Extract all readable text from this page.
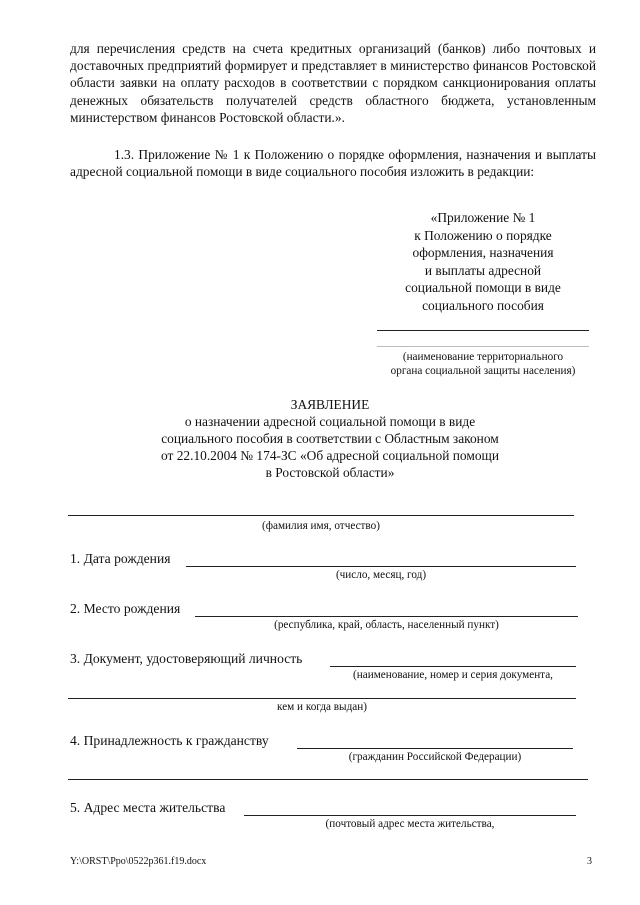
для перечисления средств на счета кредитных организаций (банков) либо почтовых и доставочных предприятий формирует и представляет в министерство финансов Ростовской области заявки на оплату расходов в соответствии с порядком санкционирования оплаты денежных обязательств получателей средств областного бюджета, установленным министерством финансов Ростовской области.».

1.3. Приложение № 1 к Положению о порядке оформления, назначения и выплаты адресной социальной помощи в виде социального пособия изложить в редакции:

«Приложение № 1
к Положению о порядке
оформления, назначения
и выплаты адресной
социальной помощи в виде
социального пособия
(наименование территориального
органа социальной защиты населения)
ЗАЯВЛЕНИЕ
о назначении адресной социальной помощи в виде
социального пособия в соответствии с Областным законом
от 22.10.2004 № 174-ЗС «Об адресной социальной помощи
в Ростовской области»
(фамилия имя, отчество)
1. Дата рождения
(число, месяц, год)
2. Место рождения
(республика, край, область, населенный пункт)
3. Документ, удостоверяющий личность
(наименование, номер и серия документа,
кем и когда выдан)
4. Принадлежность к гражданству
(гражданин Российской Федерации)
5. Адрес места жительства
(почтовый адрес места жительства,
Y:\ORST\Ppo\0522p361.f19.docx	3
